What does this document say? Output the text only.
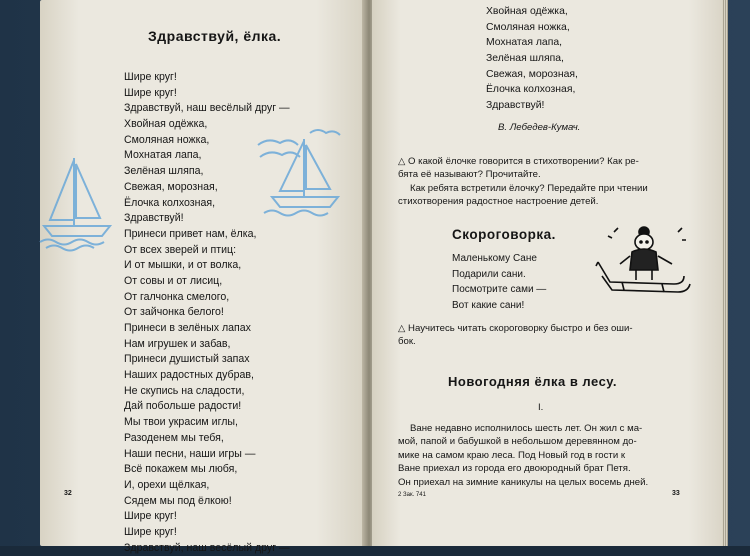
Здравствуй, ёлка.
Шире круг!
Шире круг!
Здравствуй, наш весёлый друг —
Хвойная одёжка,
Смоляная ножка,
Мохнатая лапа,
Зелёная шляпа,
Свежая, морозная,
Ёлочка колхозная,
Здравствуй!
Принеси привет нам, ёлка,
От всех зверей и птиц:
И от мышки, и от волка,
От совы и от лисиц,
От галчонка смелого,
От зайчонка белого!
Принеси в зелёных лапах
Нам игрушек и забав,
Принеси душистый запах
Наших радостных дубрав,
Не скупись на сладости,
Дай побольше радости!
Мы твои украсим иглы,
Разоденем мы тебя,
Наши песни, наши игры —
Всё покажем мы любя,
И, орехи щёлкая,
Сядем мы под ёлкою!
Шире круг!
Шире круг!
Здравствуй, наш весёлый друг —
32
Хвойная одёжка,
Смоляная ножка,
Мохнатая лапа,
Зелёная шляпа,
Свежая, морозная,
Ёлочка колхозная,
Здравствуй!
В. Лебедев-Кумач.

△ О какой ёлочке говорится в стихотворении? Как ре-

бята её называют? Прочитайте.

Как ребята встретили ёлочку? Передайте при чтении

стихотворения радостное настроение детей.

Скороговорка.
Маленькому Сане
Подарили сани.
Посмотрите сами —
Вот какие сани!

△ Научитесь читать скороговорку быстро и без оши-

бок.

Новогодняя ёлка в лесу.
I.

Ване недавно исполнилось шесть лет. Он жил с ма-

мой, папой и бабушкой в небольшом деревянном до-

мике на самом краю леса. Под Новый год в гости к

Ване приехал из города его двоюродный брат Петя.

Он приехал на зимние каникулы на целых восемь дней.

2 Зак. 741	33
